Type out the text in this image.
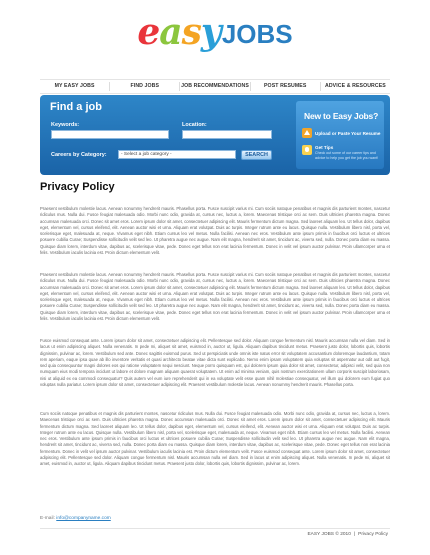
easy JOBS
MY EASY JOBS	FIND JOBS	JOB RECOMMENDATIONS	POST RESUMES	ADVICE & RESOURCES
Find a job
Keywords:	Location:
Careers by Category:	- Select a job category -	SEARCH
New to Easy Jobs?
Upload or Paste Your Resume
Get Tips
Check out some of our career tips and advice to help you get the job you want!
Privacy Policy

Praesent vestibulum molestie lacus. Aenean nonummy hendrerit mauris. Phasellus porta. Fusce suscipit varius mi. Cum sociis natoque penatibus et magnis dis parturient montes, nascetur ridiculus mus. Nulla dui. Fusce feugiat malesuada odio. Morbi nunc odio, gravida at, cursus nec, luctus a, lorem. Maecenas tristique orci ac sem. Duis ultricies pharetra magna. Donec accumsan malesuada orci. Donec sit amet eros. Lorem ipsum dolor sit amet, consectetuer adipiscing elit. Mauris fermentum dictum magna. Sed laoreet aliquam leo. Ut tellus dolor, dapibus eget, elementum vel, cursus eleifend, elit. Aenean auctor wisi et urna. Aliquam erat volutpat. Duis ac turpis. Integer rutrum ante eu lacus. Quisque nulla. Vestibulum libero nisl, porta vel, scelerisque eget, malesuada at, neque. Vivamus eget nibh. Etiam cursus leo vel metus. Nulla facilisi. Aenean nec eros. Vestibulum ante ipsum primis in faucibus orci luctus et ultrices posuere cubilia Curae; Suspendisse sollicitudin velit sed leo. Ut pharetra augue nec augue. Nam elit magna, hendrerit sit amet, tincidunt ac, viverra sed, nulla. Donec porta diam eu massa. Quisque diam lorem, interdum vitae, dapibus ac, scelerisque vitae, pede. Donec eget tellus non erat lacinia fermentum. Donec in velit vel ipsum auctor pulvinar. Proin ullamcorper urna et felis. Vestibulum iaculis lacinia est. Proin dictum elementum velit.

Praesent vestibulum molestie lacus. Aenean nonummy hendrerit mauris. Phasellus porta. Fusce suscipit varius mi. Cum sociis natoque penatibus et magnis dis parturient montes, nascetur ridiculus mus. Nulla dui. Fusce feugiat malesuada odio. Morbi nunc odio, gravida at, cursus nec, luctus a, lorem. Maecenas tristique orci ac sem. Duis ultricies pharetra magna. Donec accumsan malesuada orci. Donec sit amet eros. Lorem ipsum dolor sit amet, consectetuer adipiscing elit. Mauris fermentum dictum magna. Sed laoreet aliquam leo. Ut tellus dolor, dapibus eget, elementum vel, cursus eleifend, elit. Aenean auctor wisi et urna. Aliquam erat volutpat. Duis ac turpis. Integer rutrum ante eu lacus. Quisque nulla. Vestibulum libero nisl, porta vel, scelerisque eget, malesuada at, neque. Vivamus eget nibh. Etiam cursus leo vel metus. Nulla facilisi. Aenean nec eros. Vestibulum ante ipsum primis in faucibus orci luctus et ultrices posuere cubilia Curae; Suspendisse sollicitudin velit sed leo. Ut pharetra augue nec augue. Nam elit magna, hendrerit sit amet, tincidunt ac, viverra sed, nulla. Donec porta diam eu massa. Quisque diam lorem, interdum vitae, dapibus ac, scelerisque vitae, pede. Donec eget tellus non erat lacinia fermentum. Donec in velit vel ipsum auctor pulvinar. Proin ullamcorper urna et felis. Vestibulum iaculis lacinia est. Proin dictum elementum velit.

Fusce euismod consequat ante. Lorem ipsum dolor sit amet, consectetuer adipiscing elit. Pellentesque sed dolor. Aliquam congue fermentum nisl. Mauris accumsan nulla vel diam. Sed in lacus ut enim adipiscing aliquet. Nulla venenatis. In pede mi, aliquet sit amet, euismod in, auctor ut, ligula. Aliquam dapibus tincidunt metus. Praesent justo dolor, lobortis quis, lobortis dignissim, pulvinar ac, lorem. Vestibulum sed ante. Donec sagittis euismod purus. Sed ut perspiciatis unde omnis iste natus error sit voluptatem accusantium doloremque laudantium, totam rem aperiam, eaque ipsa quae ab illo inventore veritatis et quasi architecto beatae vitae dicta sunt explicabo. Nemo enim ipsam voluptatem quia voluptas sit aspernatur aut odit aut fugit, sed quia consequuntur magni dolores eos qui ratione voluptatem sequi nesciunt. Neque porro quisquam est, qui dolorem ipsum quia dolor sit amet, consectetur, adipisci velit, sed quia non numquam eius modi tempora incidunt ut labore et dolore magnam aliquam quaerat voluptatem. Ut enim ad minima veniam, quis nostrum exercitationem ullam corporis suscipit laboriosam, nisi ut aliquid ex ea commodi consequatur? Quis autem vel eum iure reprehenderit qui in ea voluptate velit esse quam nihil molestiae consequatur, vel illum qui dolorem eum fugiat quo voluptas nulla pariatur. Lorem ipsum dolor sit amet, consectetuer adipiscing elit. Praesent vestibulum molestie lacus. Aenean nonummy hendrerit mauris. Phasellus porta.

Cum sociis natoque penatibus et magnis dis parturient montes, nascetur ridiculus mus. Nulla dui. Fusce feugiat malesuada odio. Morbi nunc odio, gravida at, cursus nec, luctus a, lorem. Maecenas tristique orci ac sem. Duis ultricies pharetra magna. Donec accumsan malesuada orci. Donec sit amet eros. Lorem ipsum dolor sit amet, consectetuer adipiscing elit. Mauris fermentum dictum magna. Sed laoreet aliquam leo. Ut tellus dolor, dapibus eget, elementum vel, cursus eleifend, elit. Aenean auctor wisi et urna. Aliquam erat volutpat. Duis ac turpis. Integer rutrum ante eu lacus. Quisque nulla. Vestibulum libero nisl, porta vel, scelerisque eget, malesuada at, neque. Vivamus eget nibh. Etiam cursus leo vel metus. Nulla facilisi. Aenean nec eros. Vestibulum ante ipsum primis in faucibus orci luctus et ultrices posuere cubilia Curae; Suspendisse sollicitudin velit sed leo. Ut pharetra augue nec augue. Nam elit magna, hendrerit sit amet, tincidunt ac, viverra sed, nulla. Donec porta diam eu massa. Quisque diam lorem, interdum vitae, dapibus ac, scelerisque vitae, pede. Donec eget tellus non erat lacinia fermentum. Donec in velit vel ipsum auctor pulvinar. Vestibulum iaculis lacinia est. Proin dictum elementum velit. Fusce euismod consequat ante. Lorem ipsum dolor sit amet, consectetuer adipiscing elit. Pellentesque sed dolor. Aliquam congue fermentum nisl. Mauris accumsan nulla vel diam. Sed in lacus ut enim adipiscing aliquet. Nulla venenatis. In pede mi, aliquet sit amet, euismod in, auctor ut, ligula. Aliquam dapibus tincidunt metus. Praesent justo dolor, lobortis quis, lobortis dignissim, pulvinar ac, lorem.

E-mail: info@companyname.com
EASY JOBS © 2010 | Privacy Policy
